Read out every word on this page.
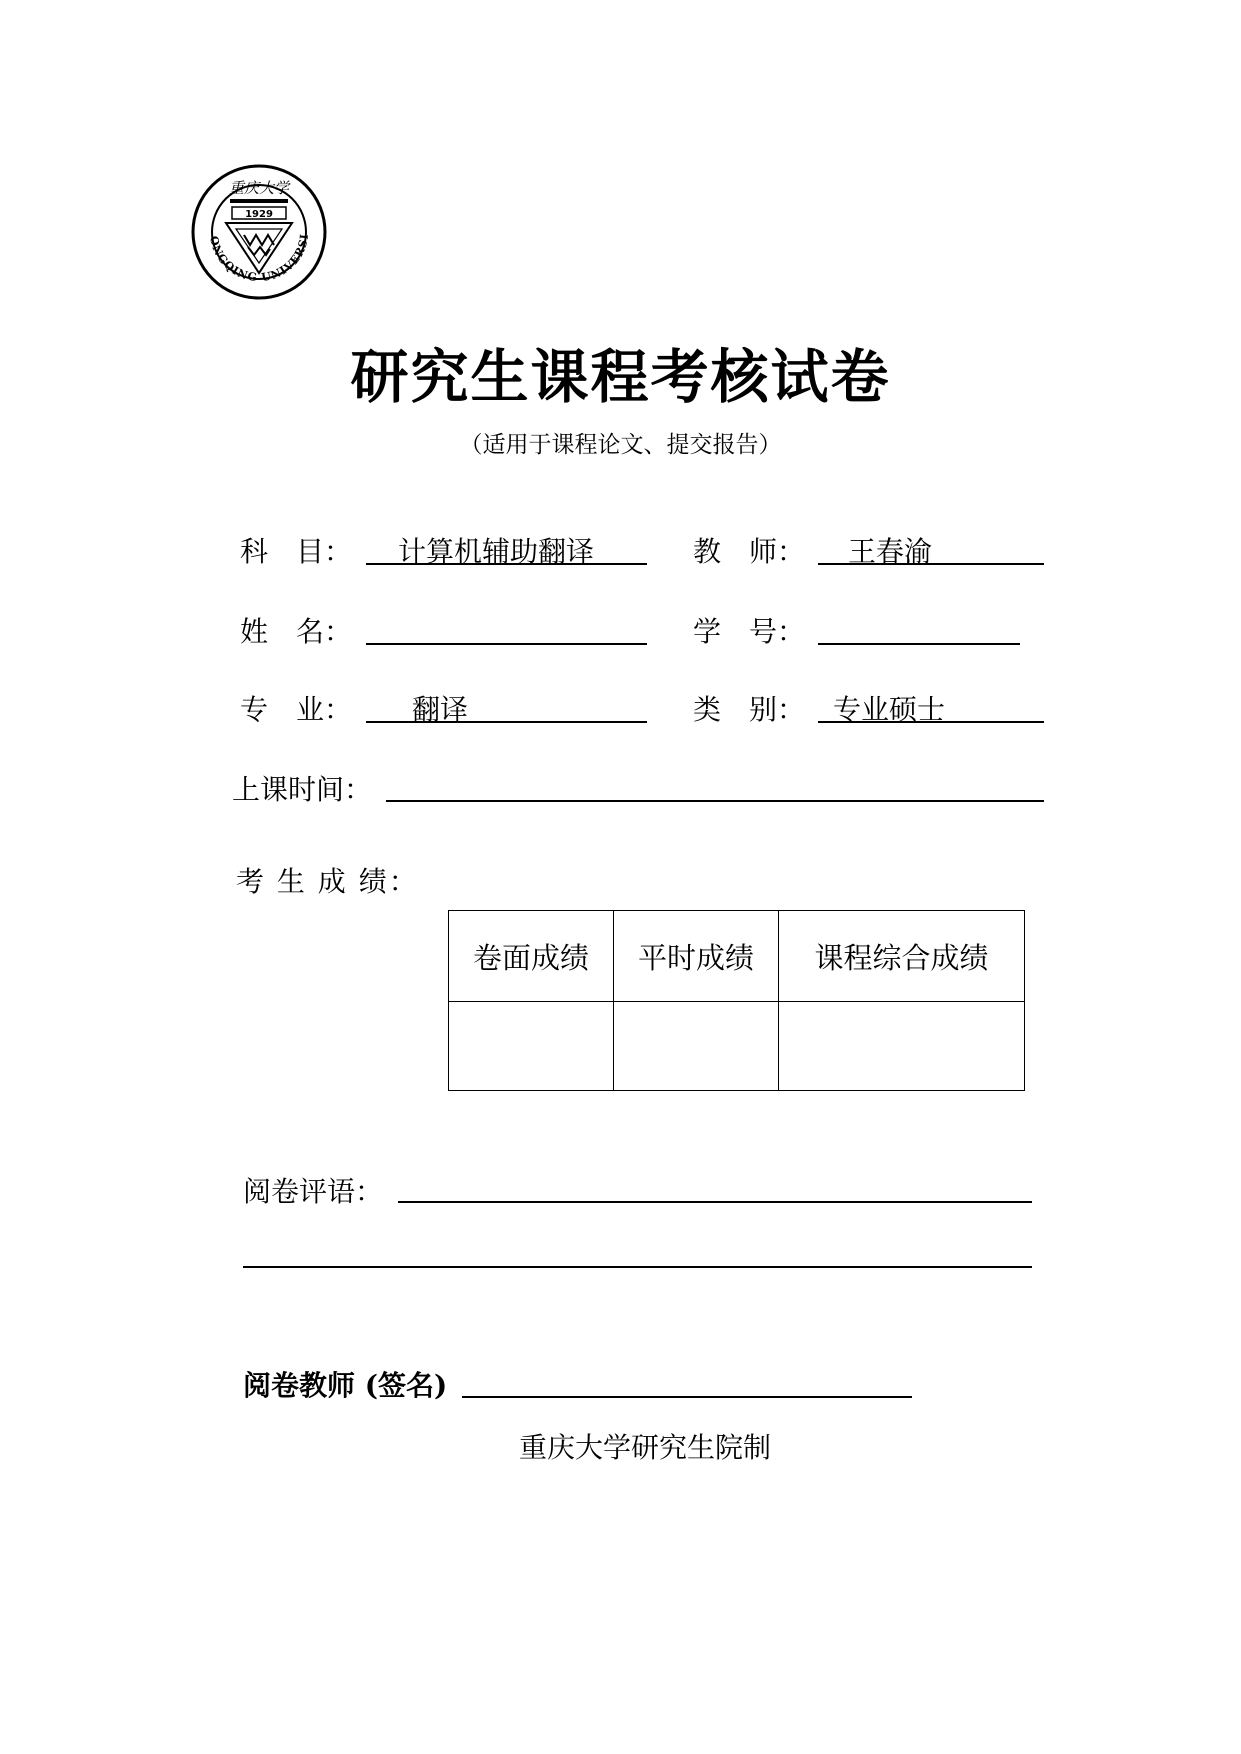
ONGQING UNIVERSI
重庆大学
1929
研究生课程考核试卷
（适用于课程论文、提交报告）
科　目： 计算机辅助翻译	教　师： 王春渝
姓　名：	学　号：
专　业： 翻译	类　别： 专业硕士
上课时间：
考 生 成 绩：
卷面成绩	平时成绩	课程综合成绩

阅卷评语：
阅卷教师 (签名)
重庆大学研究生院制
